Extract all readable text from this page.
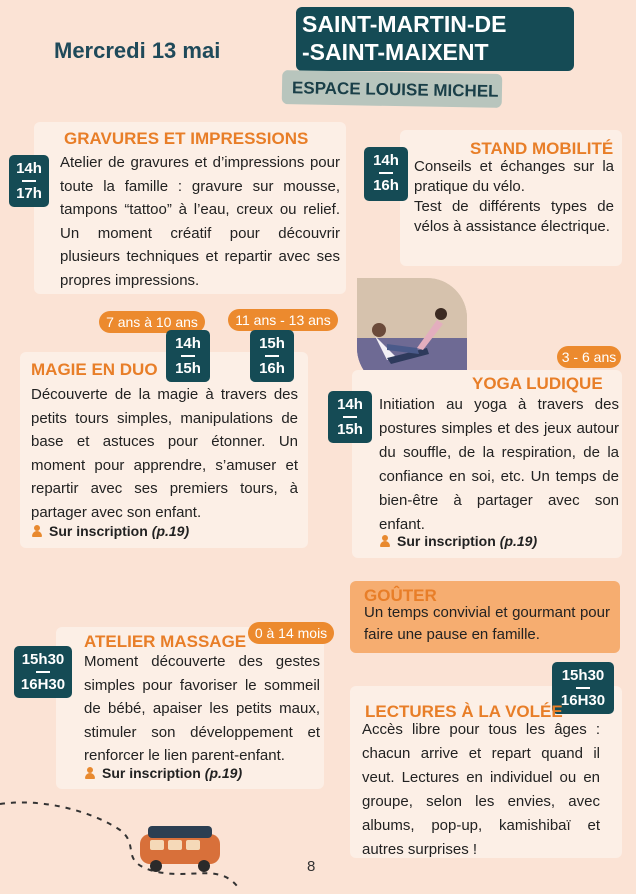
Mercredi 13 mai
SAINT-MARTIN-DE
-SAINT-MAIXENT
ESPACE LOUISE MICHEL
GRAVURES ET IMPRESSIONS
14h
17h
Atelier de gravures et d’impressions pour toute la famille : gravure sur mousse, tampons “tattoo” à l’eau, creux ou relief. Un moment créatif pour découvrir plusieurs techniques et repartir avec ses propres impressions.
STAND MOBILITÉ
14h
16h
Conseils et échanges sur la pratique du vélo.
Test de différents types de vélos à assistance électrique.
7 ans à 10 ans	11 ans - 13 ans
14h
15h
15h
16h
MAGIE EN DUO
Découverte de la magie à travers des petits tours simples, manipulations de base et astuces pour étonner. Un moment pour apprendre, s’amuser et repartir avec ses premiers tours, à partager avec son enfant.
Sur inscription (p.19)
3 - 6 ans
YOGA LUDIQUE
14h
15h
Initiation au yoga à travers des postures simples et des jeux autour du souffle, de la respiration, de la confiance en soi, etc. Un temps de bien-être à partager avec son enfant.
Sur inscription (p.19)
GOÛTER
Un temps convivial et gourmant pour faire une pause en famille.
0 à 14 mois
ATELIER MASSAGE
15h30
16H30
Moment découverte des gestes simples pour favoriser le sommeil de bébé, apaiser les petits maux, stimuler son développement et renforcer le lien parent-enfant.
Sur inscription (p.19)
15h30
16H30
LECTURES À LA VOLÉE
Accès libre pour tous les âges : chacun arrive et repart quand il veut. Lectures en individuel ou en groupe, selon les envies, avec albums, pop-up, kamishibaï et autres surprises !
8
